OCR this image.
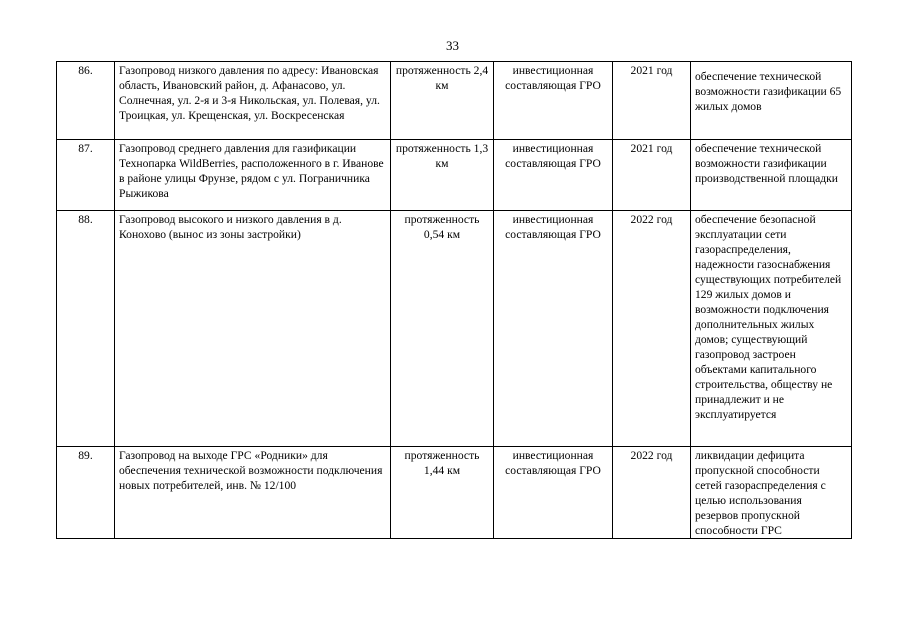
33
86.	Газопровод низкого давления по адресу: Ивановская область, Ивановский район, д. Афанасово, ул. Солнечная, ул. 2-я и 3-я Никольская, ул. Полевая, ул. Троицкая, ул. Крещенская, ул. Воскресенская	протяженность 2,4 км	инвестиционная составляющая ГРО	2021 год	обеспечение технической возможности газификации 65 жилых домов
87.	Газопровод среднего давления для газификации Технопарка WildBerries, расположенного в г. Иванове в районе улицы Фрунзе, рядом с ул. Пограничника Рыжикова	протяженность 1,3 км	инвестиционная составляющая ГРО	2021 год	обеспечение технической возможности газификации производственной площадки
88.	Газопровод высокого и низкого давления в д. Конохово (вынос из зоны застройки)	протяженность 0,54 км	инвестиционная составляющая ГРО	2022 год	обеспечение безопасной эксплуатации сети газораспределения, надежности газоснабжения существующих потребителей 129 жилых домов и возможности подключения дополнительных жилых домов; существующий газопровод застроен объектами капитального строительства, обществу не принадлежит и не эксплуатируется
89.	Газопровод на выходе ГРС «Родники» для обеспечения технической возможности подключения новых потребителей, инв. № 12/100	протяженность 1,44 км	инвестиционная составляющая ГРО	2022 год	ликвидации дефицита пропускной способности сетей газораспределения с целью использования резервов пропускной способности ГРС
